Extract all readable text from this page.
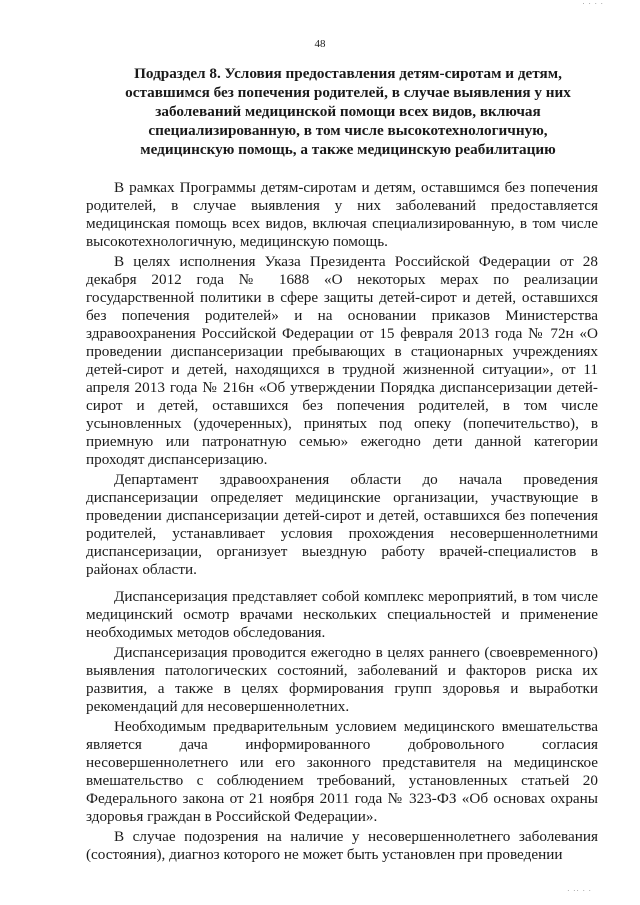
· · · ·
48
Подраздел 8. Условия предоставления детям-сиротам и детям,
оставшимся без попечения родителей, в случае выявления у них
заболеваний медицинской помощи всех видов, включая
специализированную, в том числе высокотехнологичную,
медицинскую помощь, а также медицинскую реабилитацию

В рамках Программы детям-сиротам и детям, оставшимся без попечения родителей, в случае выявления у них заболеваний предоставляется медицинская помощь всех видов, включая специализированную, в том числе высокотехнологичную, медицинскую помощь.

В целях исполнения Указа Президента Российской Федерации от 28 декабря 2012 года № 1688 «О некоторых мерах по реализации государственной политики в сфере защиты детей-сирот и детей, оставшихся без попечения родителей» и на основании приказов Министерства здравоохранения Российской Федерации от 15 февраля 2013 года № 72н «О проведении диспансеризации пребывающих в стационарных учреждениях детей-сирот и детей, находящихся в трудной жизненной ситуации», от 11 апреля 2013 года № 216н «Об утверждении Порядка диспансеризации детей-сирот и детей, оставшихся без попечения родителей, в том числе усыновленных (удочеренных), принятых под опеку (попечительство), в приемную или патронатную семью» ежегодно дети данной категории проходят диспансеризацию.

Департамент здравоохранения области до начала проведения диспансеризации определяет медицинские организации, участвующие в проведении диспансеризации детей-сирот и детей, оставшихся без попечения родителей, устанавливает условия прохождения несовершеннолетними диспансеризации, организует выездную работу врачей-специалистов в районах области.

Диспансеризация представляет собой комплекс мероприятий, в том числе медицинский осмотр врачами нескольких специальностей и применение необходимых методов обследования.

Диспансеризация проводится ежегодно в целях раннего (своевременного) выявления патологических состояний, заболеваний и факторов риска их развития, а также в целях формирования групп здоровья и выработки рекомендаций для несовершеннолетних.

Необходимым предварительным условием медицинского вмешательства является дача информированного добровольного согласия несовершеннолетнего или его законного представителя на медицинское вмешательство с соблюдением требований, установленных статьей 20 Федерального закона от 21 ноября 2011 года № 323-ФЗ «Об основах охраны здоровья граждан в Российской Федерации».

В случае подозрения на наличие у несовершеннолетнего заболевания (состояния), диагноз которого не может быть установлен при проведении

· ·· · ·
